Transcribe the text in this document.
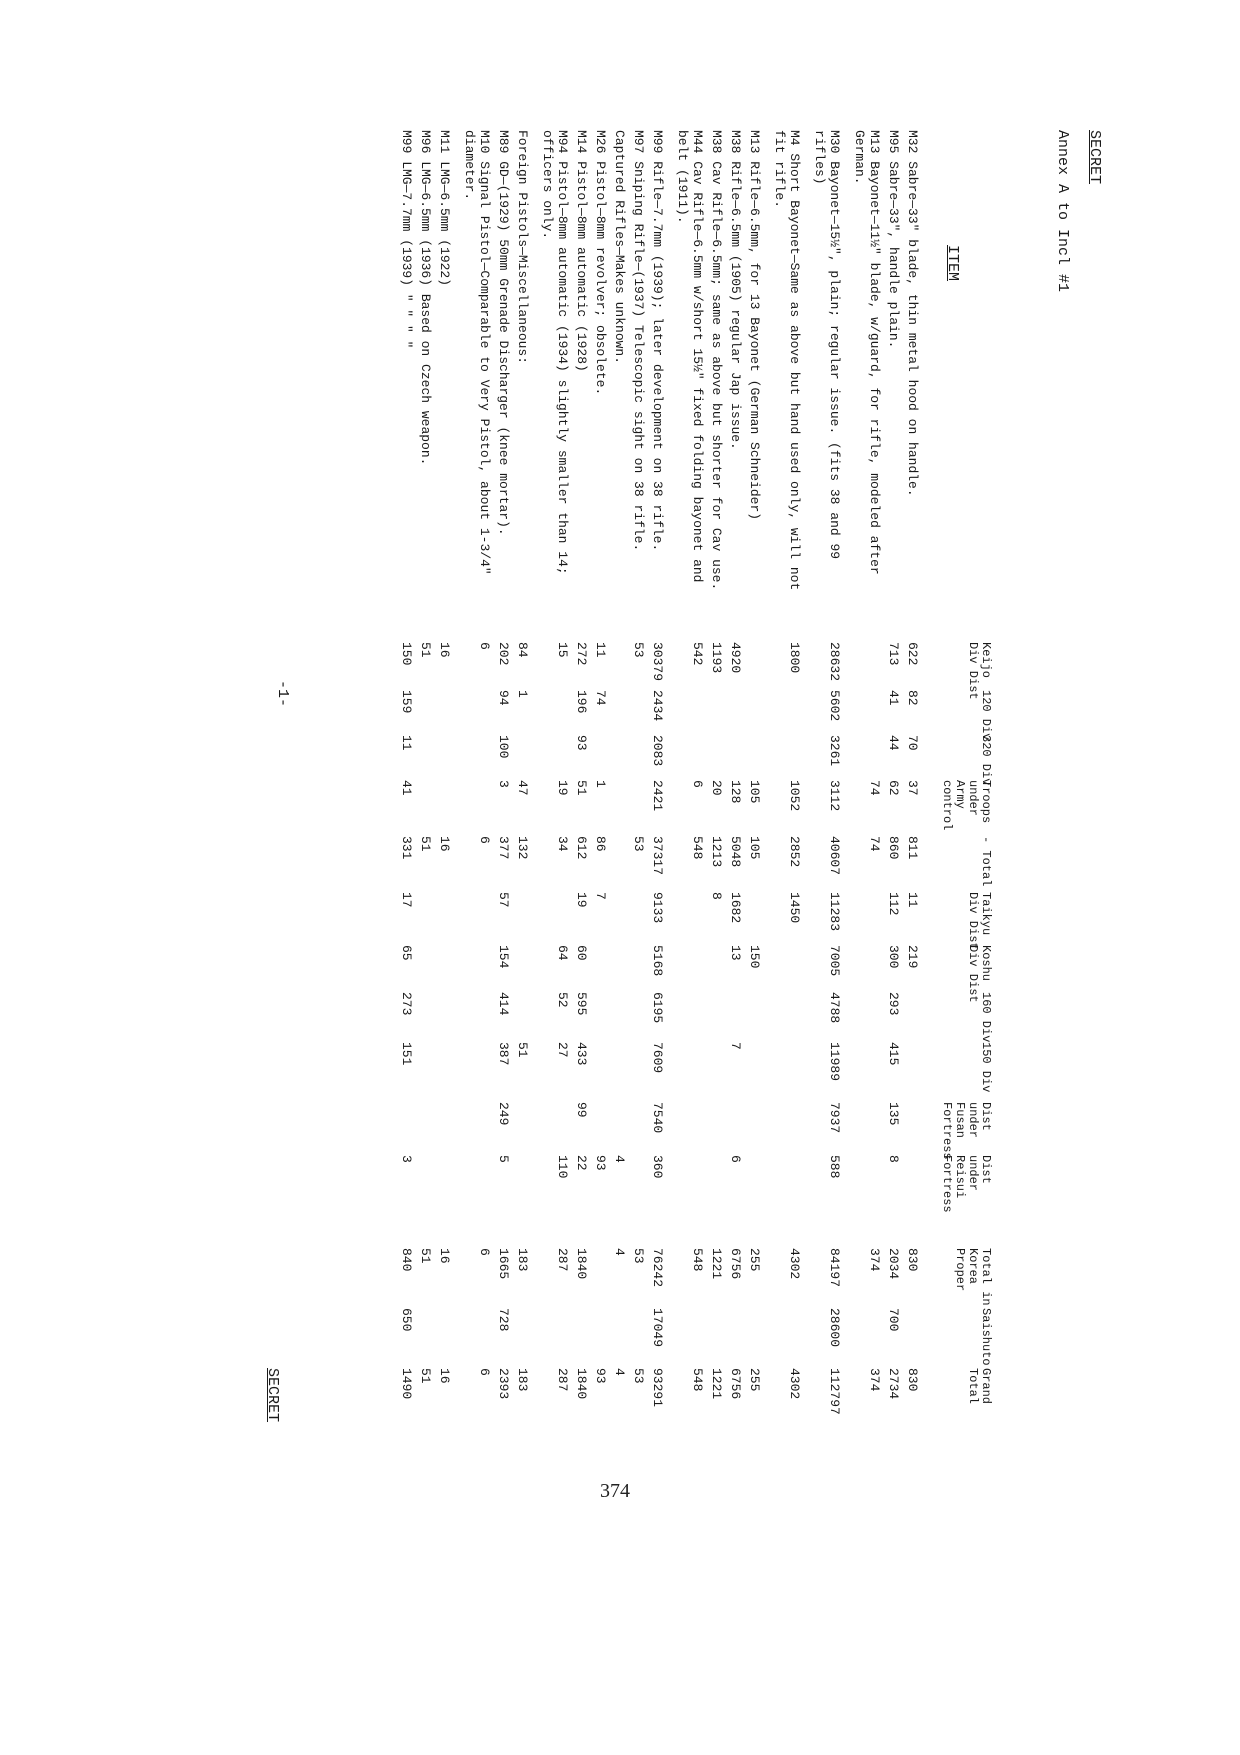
SECRET
Annex A to Incl #1
ITEM
Keijo Div Dist
120 Div
320 Div
Troops under Army control
- Total
Taikyu Div Dist
Koshu Div Dist
160 Div
150 Div
Dist under Fusan Fortress
Dist under Reisui Fortress
Total in Korea Proper
Saishuto
Grand Total
M32 Sabre—33" blade, thin metal hood on handle.
622
82
70
37
811
11
219
830
830
M95 Sabre—33", handle plain.
713
41
44
62
860
112
300
293
415
135
8
2034
700
2734
M13 Bayonet—11½" blade, w/guard, for rifle, modeled after German.
74
74
374
374
M30 Bayonet—15½", plain; regular issue. (fits 38 and 99 rifles)
28632
5602
3261
3112
40607
11283
7005
4788
11989
7937
588
84197
28600
112797
M4 Short Bayonet—Same as above but hand used only, will not fit rifle.
1800
1052
2852
1450
4302
4302
M13 Rifle—6.5mm, for 13 Bayonet (German Schneider)
105
105
150
255
255
M38 Rifle—6.5mm (1905) regular Jap issue.
4920
128
5048
1682
13
7
6
6756
6756
M38 Cav Rifle—6.5mm; same as above but shorter for Cav use.
1193
20
1213
8
1221
1221
M44 Cav Rifle—6.5mm w/short 15½" fixed folding bayonet and belt (1911).
542
6
548
548
548
M99 Rifle—7.7mm (1939); later development on 38 rifle.
30379
2434
2083
2421
37317
9133
5168
6195
7609
7540
360
76242
17049
93291
M97 Sniping Rifle—(1937) Telescopic sight on 38 rifle.
53
53
53
53
Captured Rifles—Makes unknown.
4
4
4
M26 Pistol—8mm revolver; obsolete.
11
74
1
86
7
93
93
M14 Pistol—8mm automatic (1928)
272
196
93
51
612
19
60
595
433
99
22
1840
1840
M94 Pistol—8mm automatic (1934) slightly smaller than 14; officers only.
15
19
34
64
52
27
110
287
287
Foreign Pistols—Miscellaneous:
84
1
47
132
51
183
183
M89 GD—(1929) 50mm Grenade Discharger (knee mortar).
202
94
100
3
377
57
154
414
387
249
5
1665
728
2393
M10 Signal Pistol—Comparable to Very Pistol, about 1-3/4" diameter.
6
6
6
6
M11 LMG—6.5mm (1922)
16
16
16
16
M96 LMG—6.5mm (1936) Based on Czech weapon.
51
51
51
51
M99 LMG—7.7mm (1939) " " " "
150
159
11
41
331
17
65
273
151
3
840
650
1490
-1-
SECRET
374
